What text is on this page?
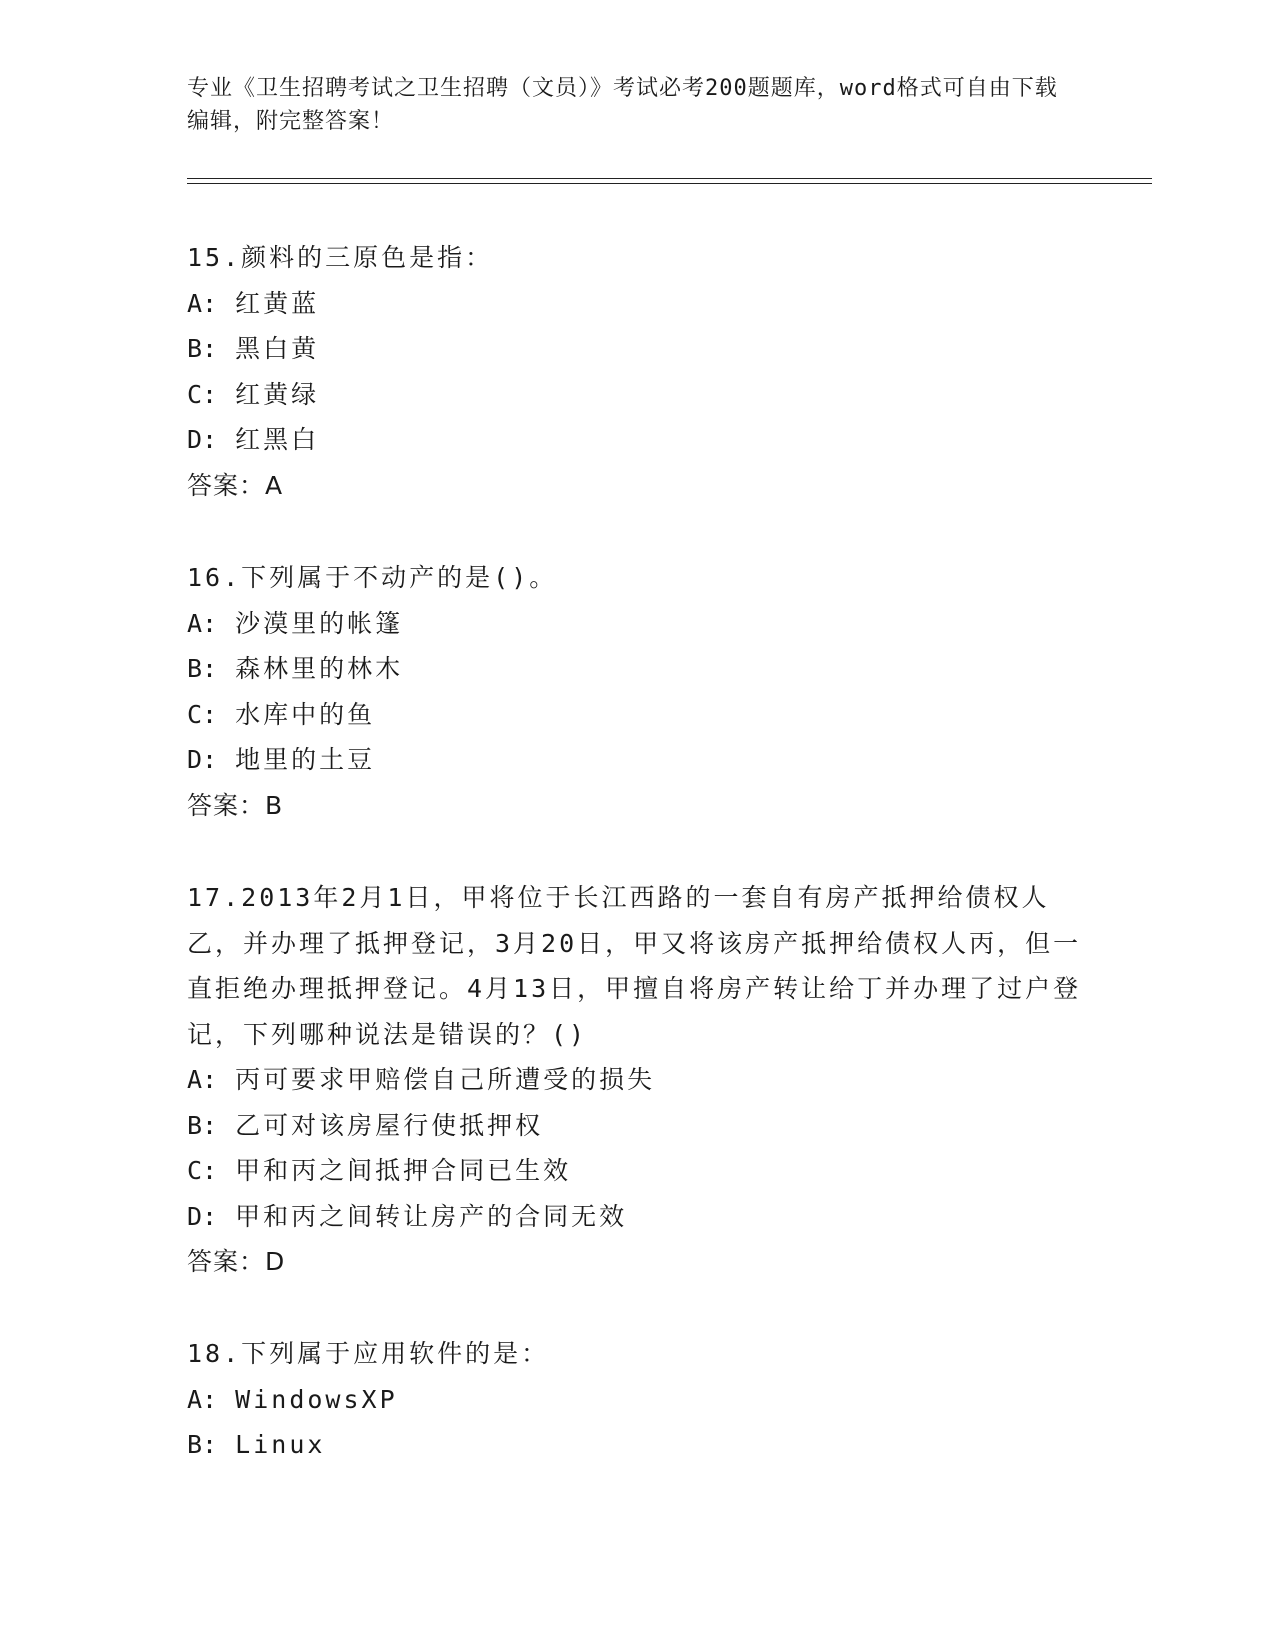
专业《卫生招聘考试之卫生招聘（文员）》考试必考200题题库，word格式可自由下载编辑，附完整答案！

15.颜料的三原色是指：

A: 红黄蓝

B: 黑白黄

C: 红黄绿

D: 红黑白

答案：A

16.下列属于不动产的是()。

A: 沙漠里的帐篷

B: 森林里的林木

C: 水库中的鱼

D: 地里的土豆

答案：B

17.2013年2月1日，甲将位于长江西路的一套自有房产抵押给债权人乙，并办理了抵押登记，3月20日，甲又将该房产抵押给债权人丙，但一直拒绝办理抵押登记。4月13日，甲擅自将房产转让给丁并办理了过户登记，下列哪种说法是错误的？()

A: 丙可要求甲赔偿自己所遭受的损失

B: 乙可对该房屋行使抵押权

C: 甲和丙之间抵押合同已生效

D: 甲和丙之间转让房产的合同无效

答案：D

18.下列属于应用软件的是：

A: WindowsXP

B: Linux
